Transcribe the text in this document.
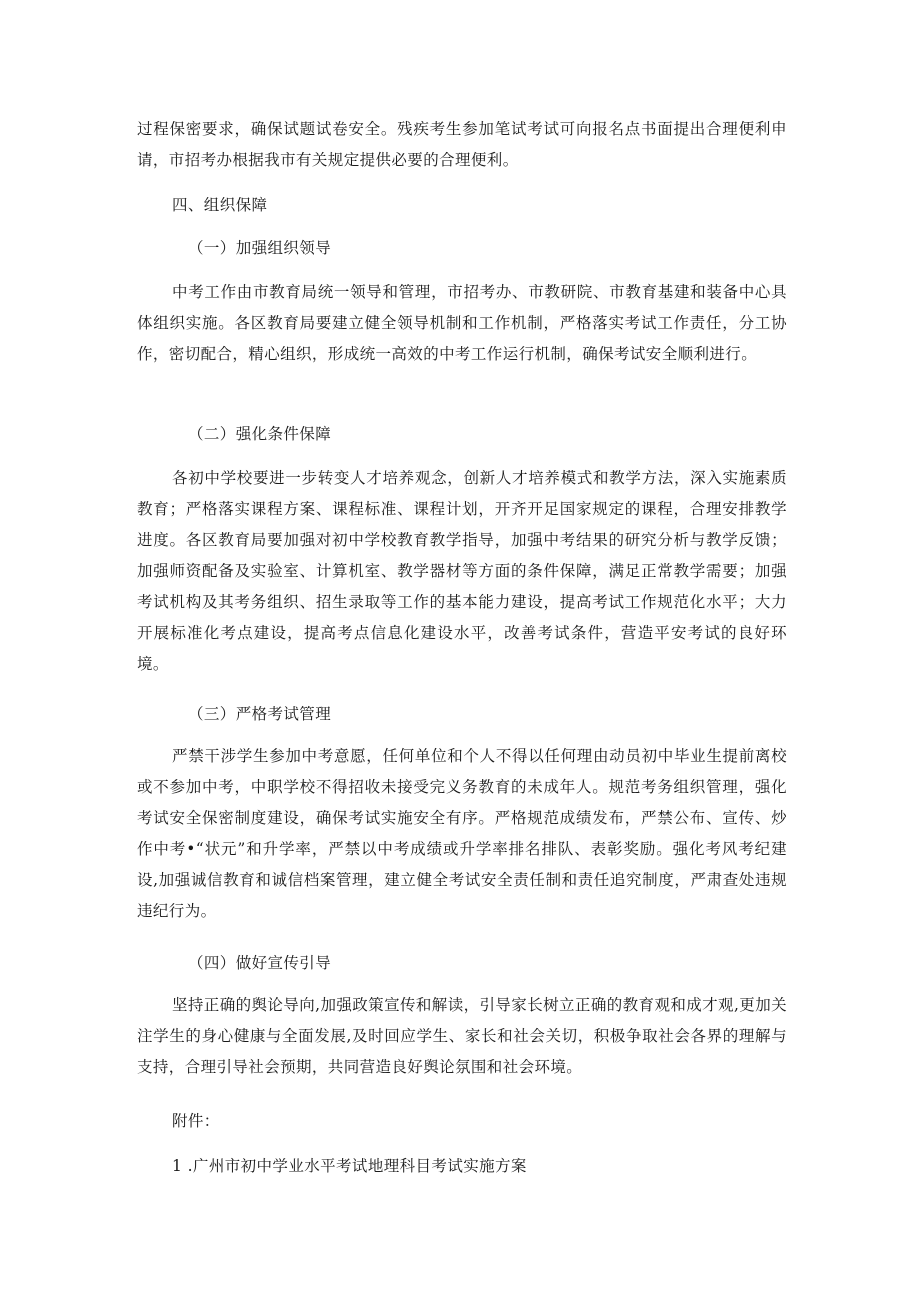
过程保密要求，确保试题试卷安全。残疾考生参加笔试考试可向报名点书面提出合理便利申请，市招考办根据我市有关规定提供必要的合理便利。

四、组织保障
（一）加强组织领导

中考工作由市教育局统一领导和管理，市招考办、市教研院、市教育基建和装备中心具体组织实施。各区教育局要建立健全领导机制和工作机制，严格落实考试工作责任，分工协作，密切配合，精心组织，形成统一高效的中考工作运行机制，确保考试安全顺利进行。

（二）强化条件保障

各初中学校要进一步转变人才培养观念，创新人才培养模式和教学方法，深入实施素质教育；严格落实课程方案、课程标准、课程计划，开齐开足国家规定的课程，合理安排教学进度。各区教育局要加强对初中学校教育教学指导，加强中考结果的研究分析与教学反馈；加强师资配备及实验室、计算机室、教学器材等方面的条件保障，满足正常教学需要；加强考试机构及其考务组织、招生录取等工作的基本能力建设，提高考试工作规范化水平；大力开展标准化考点建设，提高考点信息化建设水平，改善考试条件，营造平安考试的良好环境。

（三）严格考试管理

严禁干涉学生参加中考意愿，任何单位和个人不得以任何理由动员初中毕业生提前离校或不参加中考，中职学校不得招收未接受完义务教育的未成年人。规范考务组织管理，强化考试安全保密制度建设，确保考试实施安全有序。严格规范成绩发布，严禁公布、宣传、炒作中考•“状元”和升学率，严禁以中考成绩或升学率排名排队、表彰奖励。强化考风考纪建设,加强诚信教育和诚信档案管理，建立健全考试安全责任制和责任追究制度，严肃查处违规违纪行为。

（四）做好宣传引导

坚持正确的舆论导向,加强政策宣传和解读，引导家长树立正确的教育观和成才观,更加关注学生的身心健康与全面发展,及时回应学生、家长和社会关切，积极争取社会各界的理解与支持，合理引导社会预期，共同营造良好舆论氛围和社会环境。

附件：
1 .广州市初中学业水平考试地理科目考试实施方案
